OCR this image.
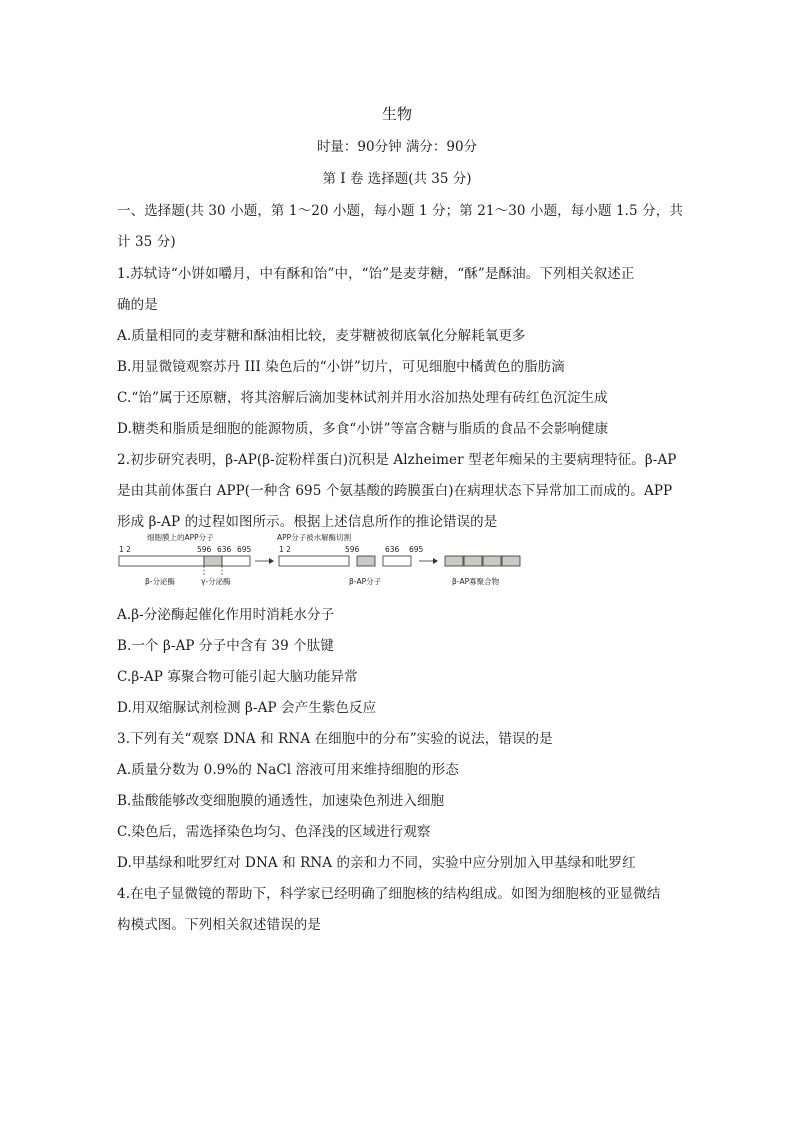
生物
时量：90分钟 满分：90分
第 I 卷 选择题(共 35 分)
一、选择题(共 30 小题，第 1～20 小题，每小题 1 分；第 21～30 小题，每小题 1.5 分，共
计 35 分)
1.苏轼诗“小饼如嚼月，中有酥和饴”中，“饴”是麦芽糖，“酥”是酥油。下列相关叙述正
确的是
A.质量相同的麦芽糖和酥油相比较，麦芽糖被彻底氧化分解耗氧更多
B.用显微镜观察苏丹 III 染色后的“小饼”切片，可见细胞中橘黄色的脂肪滴
C.“饴”属于还原糖，将其溶解后滴加斐林试剂并用水浴加热处理有砖红色沉淀生成
D.糖类和脂质是细胞的能源物质，多食“小饼”等富含糖与脂质的食品不会影响健康
2.初步研究表明，β-AP(β-淀粉样蛋白)沉积是 Alzheimer 型老年痴呆的主要病理特征。β-AP
是由其前体蛋白 APP(一种含 695 个氨基酸的跨膜蛋白)在病理状态下异常加工而成的。APP
形成 β-AP 的过程如图所示。根据上述信息所作的推论错误的是
细胞膜上的APP分子	APP分子被水解酶切割
1 2	596 636 695
β-分泌酶	γ-分泌酶
1 2	596	636 695
β-AP分子	β-AP寡聚合物
A.β-分泌酶起催化作用时消耗水分子
B.一个 β-AP 分子中含有 39 个肽键
C.β-AP 寡聚合物可能引起大脑功能异常
D.用双缩脲试剂检测 β-AP 会产生紫色反应
3.下列有关“观察 DNA 和 RNA 在细胞中的分布”实验的说法，错误的是
A.质量分数为 0.9%的 NaCl 溶液可用来维持细胞的形态
B.盐酸能够改变细胞膜的通透性，加速染色剂进入细胞
C.染色后，需选择染色均匀、色泽浅的区域进行观察
D.甲基绿和吡罗红对 DNA 和 RNA 的亲和力不同，实验中应分别加入甲基绿和吡罗红
4.在电子显微镜的帮助下，科学家已经明确了细胞核的结构组成。如图为细胞核的亚显微结
构模式图。下列相关叙述错误的是
